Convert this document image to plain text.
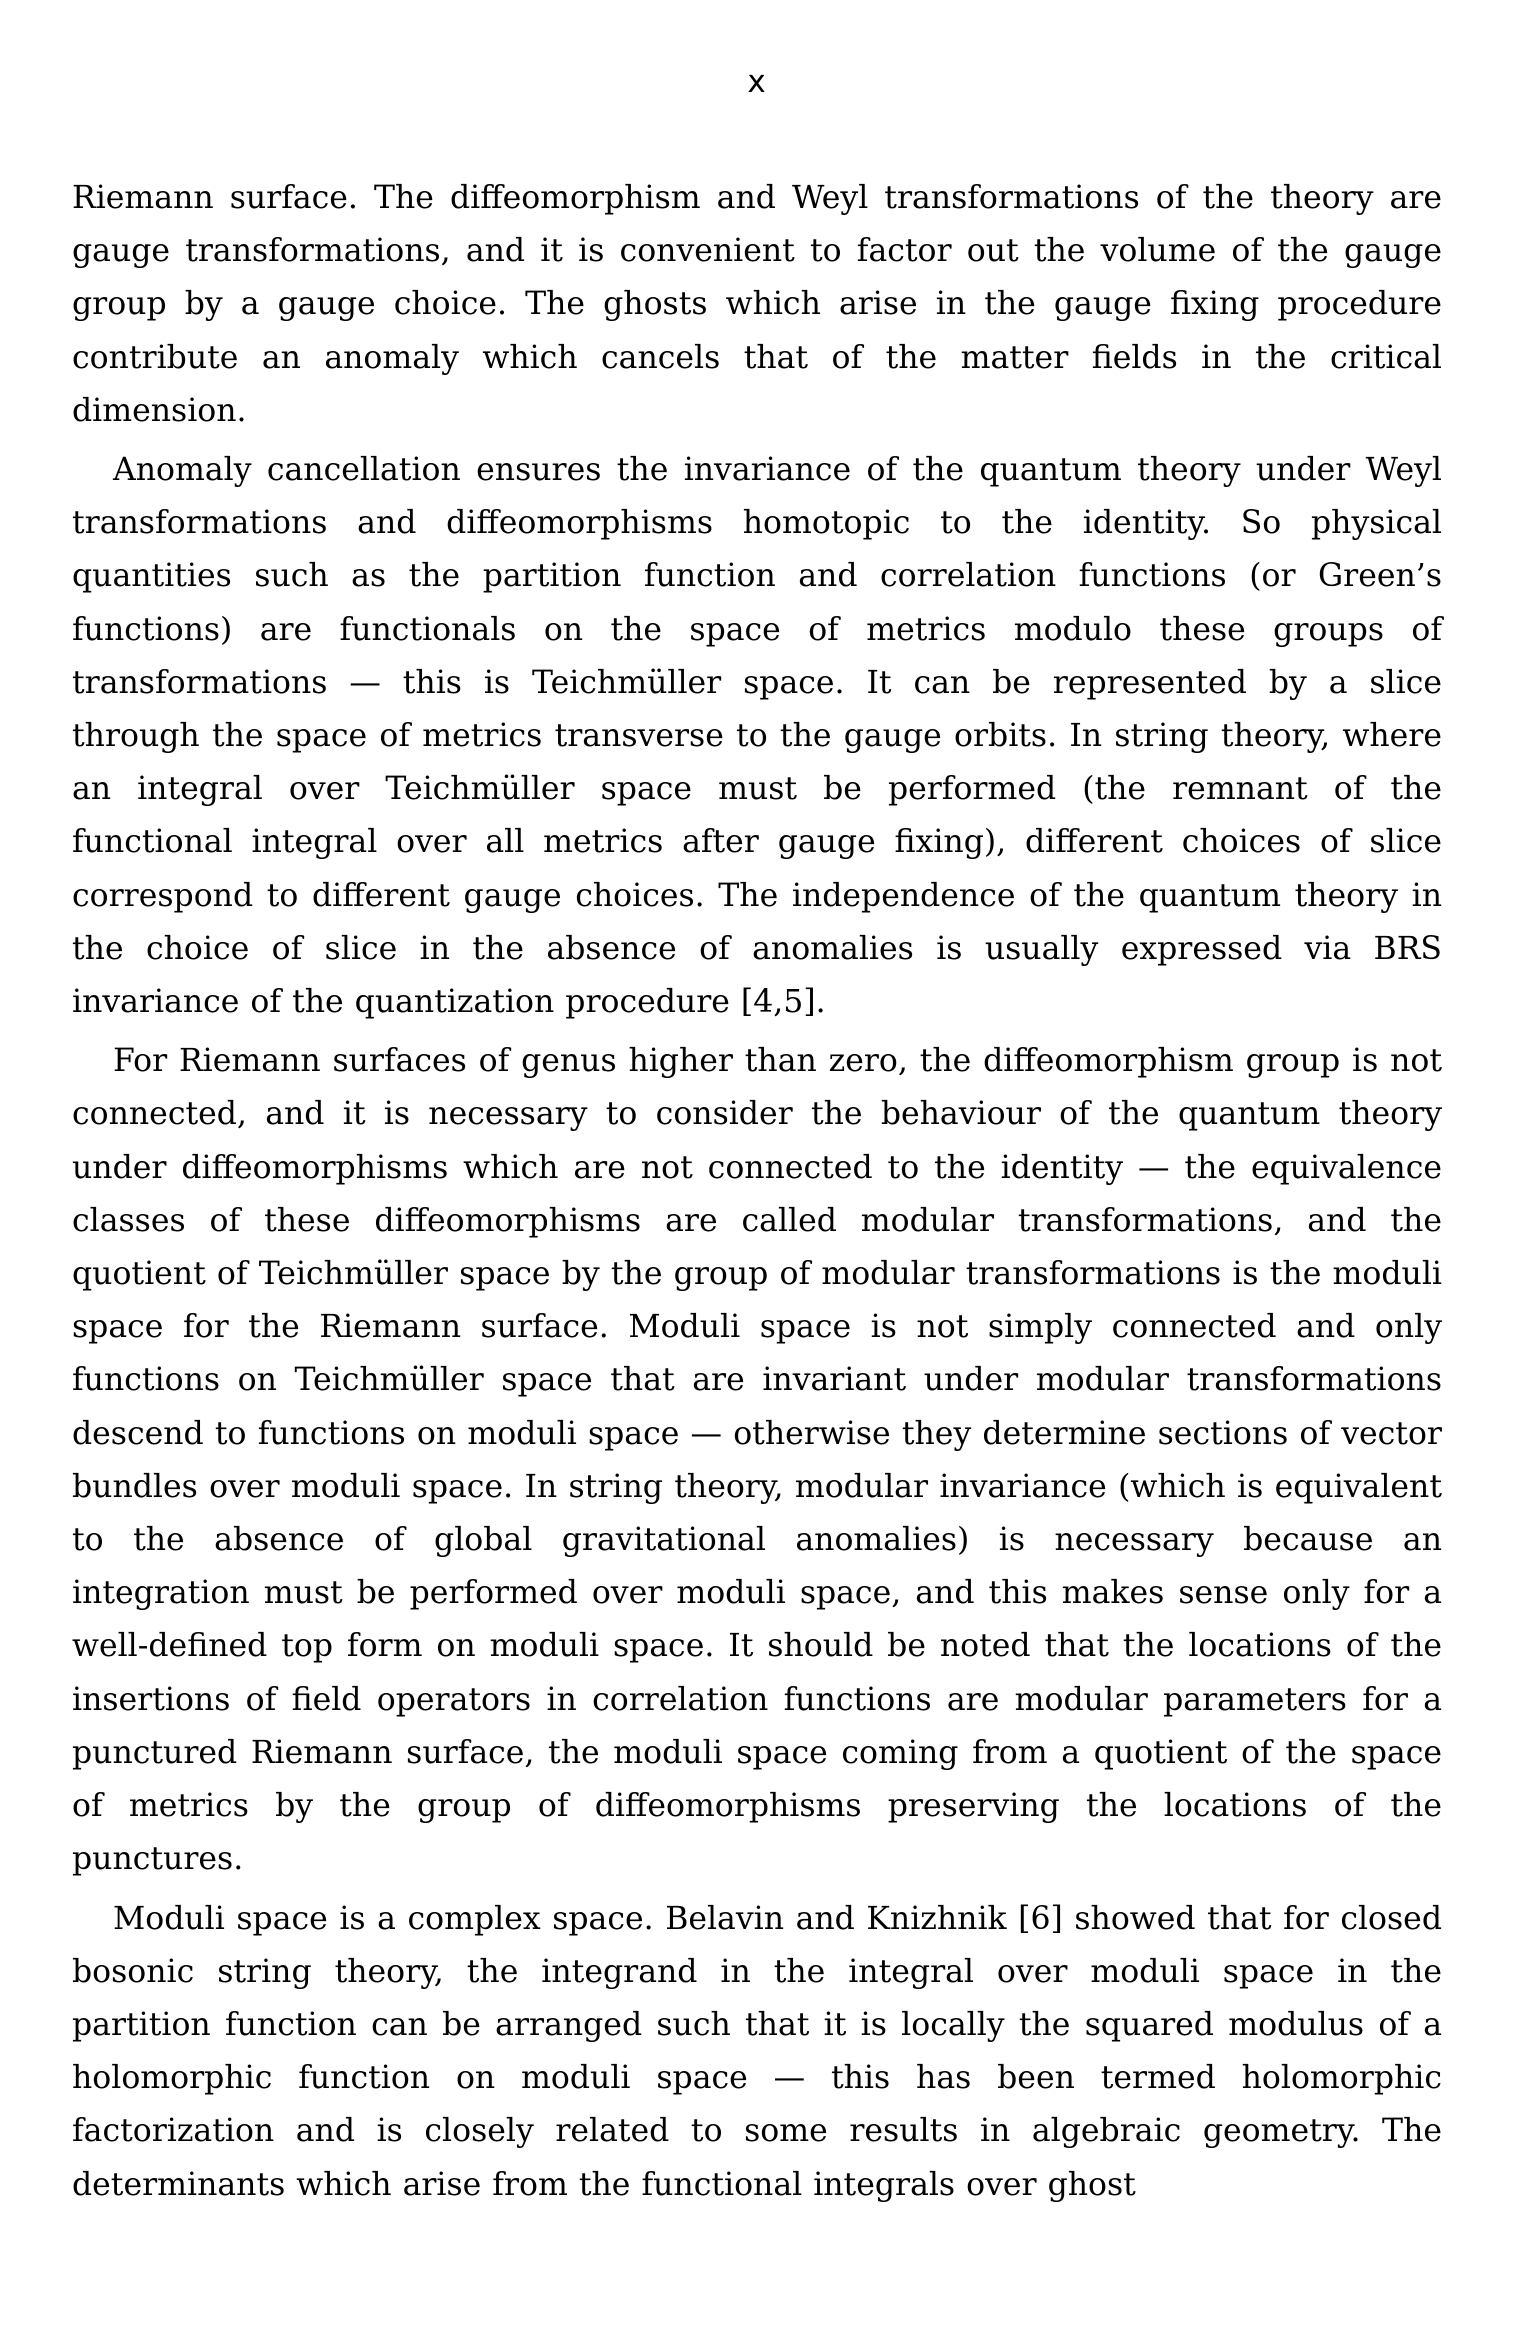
x

Riemann surface. The diffeomorphism and Weyl transformations of the theory are gauge transformations, and it is convenient to factor out the volume of the gauge group by a gauge choice. The ghosts which arise in the gauge fixing procedure contribute an anomaly which cancels that of the matter fields in the critical dimension.

Anomaly cancellation ensures the invariance of the quantum theory under Weyl transformations and diffeomorphisms homotopic to the identity. So physical quantities such as the partition function and correlation functions (or Green’s functions) are functionals on the space of metrics modulo these groups of transformations — this is Teichmüller space. It can be represented by a slice through the space of metrics transverse to the gauge orbits. In string theory, where an integral over Teichmüller space must be performed (the remnant of the functional integral over all metrics after gauge fixing), different choices of slice correspond to different gauge choices. The independence of the quantum theory in the choice of slice in the absence of anomalies is usually expressed via BRS invariance of the quantization procedure [4,5].

For Riemann surfaces of genus higher than zero, the diffeomorphism group is not connected, and it is necessary to consider the behaviour of the quantum theory under diffeomorphisms which are not connected to the identity — the equivalence classes of these diffeomorphisms are called modular transformations, and the quotient of Teichmüller space by the group of modular transformations is the moduli space for the Riemann surface. Moduli space is not simply connected and only functions on Teichmüller space that are invariant under modular transformations descend to functions on moduli space — otherwise they determine sections of vector bundles over moduli space. In string theory, modular invariance (which is equivalent to the absence of global gravitational anomalies) is necessary because an integration must be performed over moduli space, and this makes sense only for a well-defined top form on moduli space. It should be noted that the locations of the insertions of field operators in correlation functions are modular parameters for a punctured Riemann surface, the moduli space coming from a quotient of the space of metrics by the group of diffeomorphisms preserving the locations of the punctures.

Moduli space is a complex space. Belavin and Knizhnik [6] showed that for closed bosonic string theory, the integrand in the integral over moduli space in the partition function can be arranged such that it is locally the squared modulus of a holomorphic function on moduli space — this has been termed holomorphic factorization and is closely related to some results in algebraic geometry. The determinants which arise from the functional integrals over ghost
